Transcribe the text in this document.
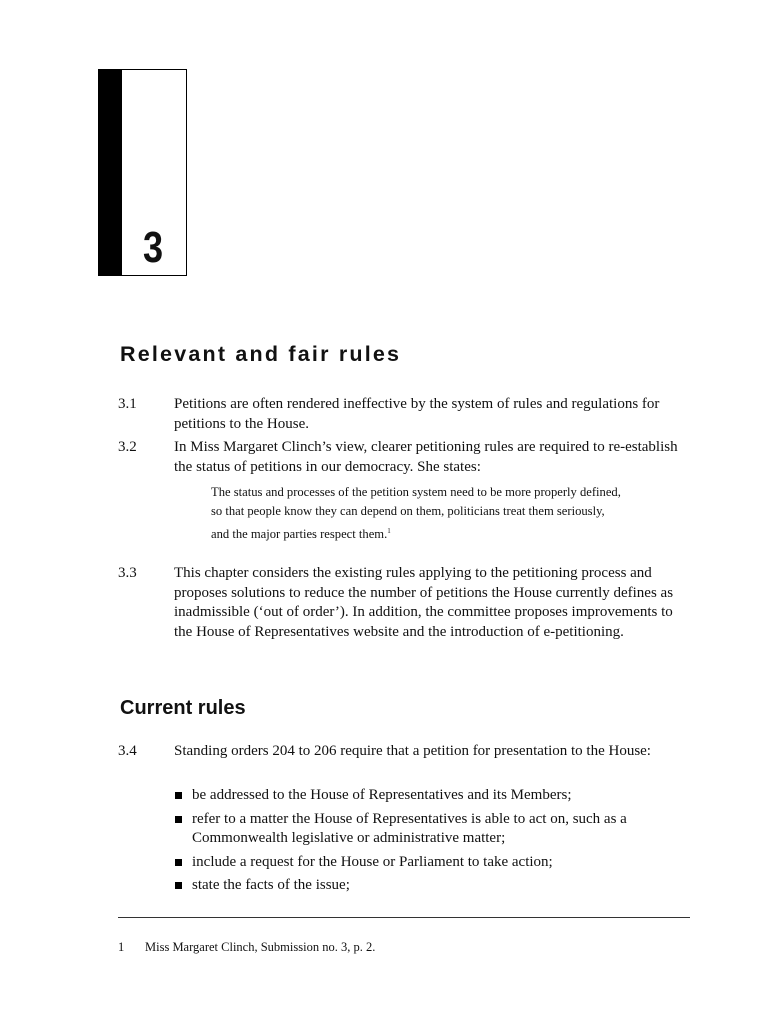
3
Relevant and fair rules
3.1 Petitions are often rendered ineffective by the system of rules and regulations for petitions to the House.
3.2 In Miss Margaret Clinch’s view, clearer petitioning rules are required to re-establish the status of petitions in our democracy. She states:
The status and processes of the petition system need to be more properly defined, so that people know they can depend on them, politicians treat them seriously, and the major parties respect them.$^1$
3.3 This chapter considers the existing rules applying to the petitioning process and proposes solutions to reduce the number of petitions the House currently defines as inadmissible (‘out of order’). In addition, the committee proposes improvements to the House of Representatives website and the introduction of e-petitioning.
Current rules
3.4 Standing orders 204 to 206 require that a petition for presentation to the House:
be addressed to the House of Representatives and its Members;
refer to a matter the House of Representatives is able to act on, such as a Commonwealth legislative or administrative matter;
include a request for the House or Parliament to take action;
state the facts of the issue;
1 Miss Margaret Clinch, Submission no. 3, p. 2.
